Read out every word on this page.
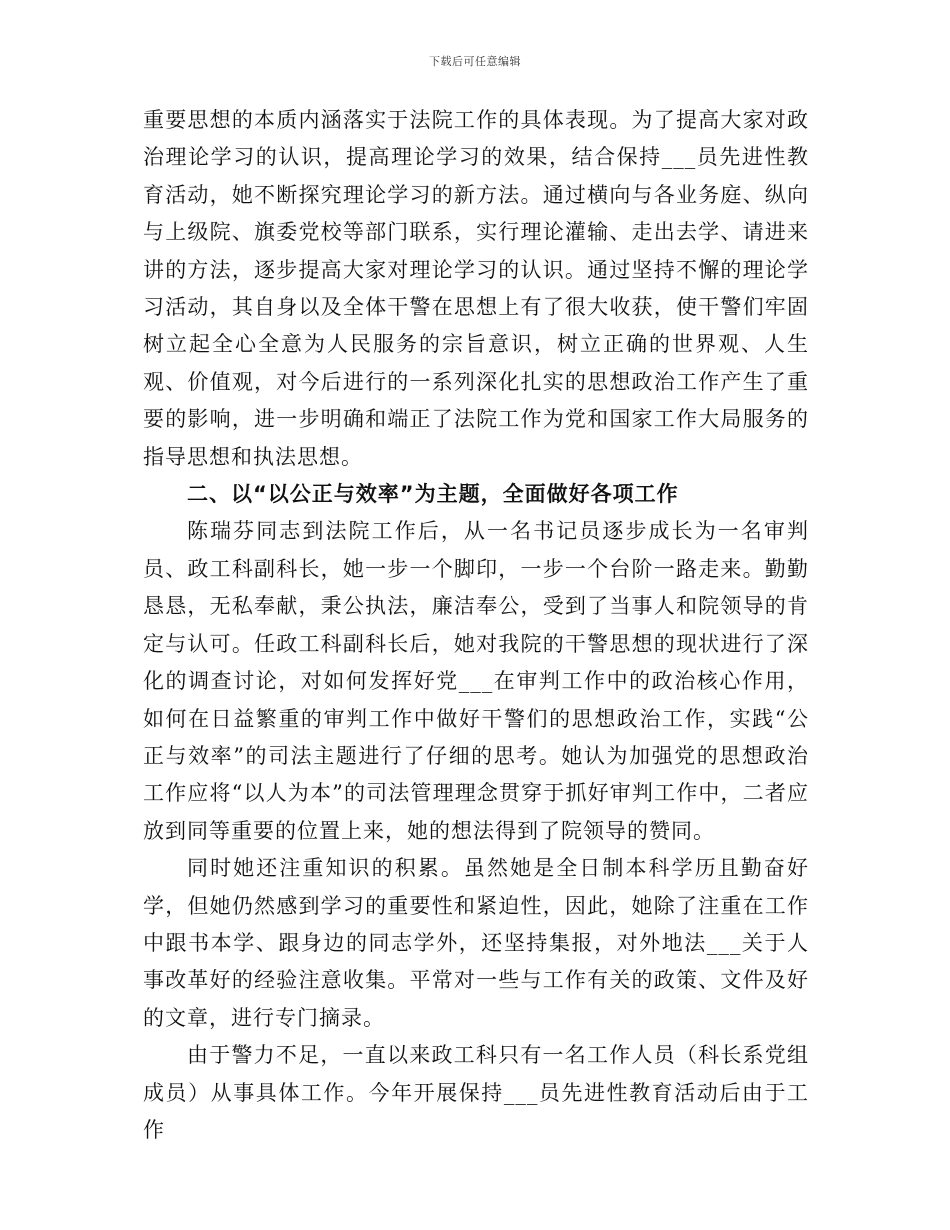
下载后可任意编辑

重要思想的本质内涵落实于法院工作的具体表现。为了提高大家对政治理论学习的认识，提高理论学习的效果，结合保持___员先进性教育活动，她不断探究理论学习的新方法。通过横向与各业务庭、纵向与上级院、旗委党校等部门联系，实行理论灌输、走出去学、请进来讲的方法，逐步提高大家对理论学习的认识。通过坚持不懈的理论学习活动，其自身以及全体干警在思想上有了很大收获，使干警们牢固树立起全心全意为人民服务的宗旨意识，树立正确的世界观、人生观、价值观，对今后进行的一系列深化扎实的思想政治工作产生了重要的影响，进一步明确和端正了法院工作为党和国家工作大局服务的指导思想和执法思想。

二、以“以公正与效率”为主题，全面做好各项工作

陈瑞芬同志到法院工作后，从一名书记员逐步成长为一名审判员、政工科副科长，她一步一个脚印，一步一个台阶一路走来。勤勤恳恳，无私奉献，秉公执法，廉洁奉公，受到了当事人和院领导的肯定与认可。任政工科副科长后，她对我院的干警思想的现状进行了深化的调查讨论，对如何发挥好党___在审判工作中的政治核心作用，如何在日益繁重的审判工作中做好干警们的思想政治工作，实践“公正与效率”的司法主题进行了仔细的思考。她认为加强党的思想政治工作应将“以人为本”的司法管理理念贯穿于抓好审判工作中，二者应放到同等重要的位置上来，她的想法得到了院领导的赞同。

同时她还注重知识的积累。虽然她是全日制本科学历且勤奋好学，但她仍然感到学习的重要性和紧迫性，因此，她除了注重在工作中跟书本学、跟身边的同志学外，还坚持集报，对外地法___关于人事改革好的经验注意收集。平常对一些与工作有关的政策、文件及好的文章，进行专门摘录。

由于警力不足，一直以来政工科只有一名工作人员（科长系党组成员）从事具体工作。今年开展保持___员先进性教育活动后由于工作
